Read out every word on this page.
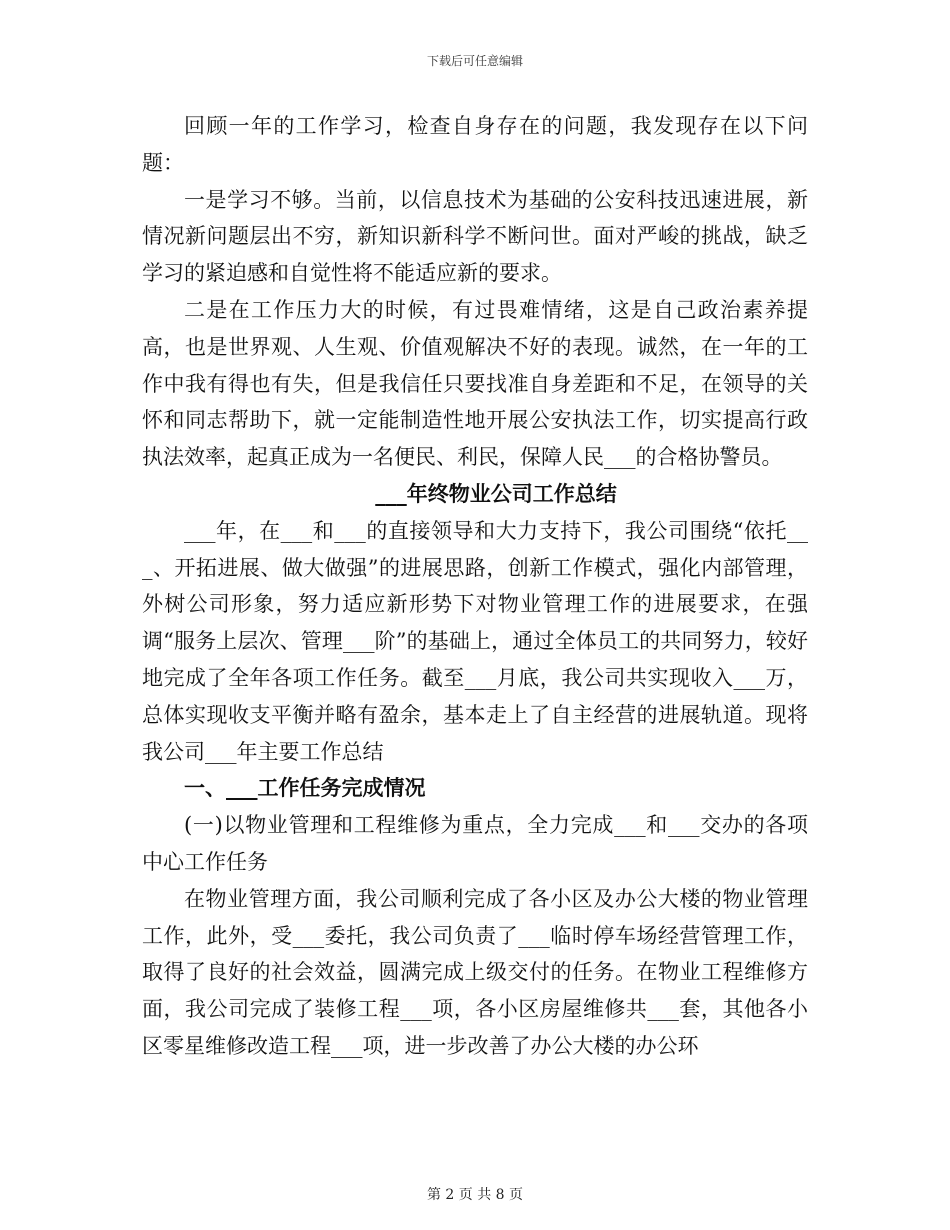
下载后可任意编辑

回顾一年的工作学习，检查自身存在的问题，我发现存在以下问题：

一是学习不够。当前，以信息技术为基础的公安科技迅速进展，新情况新问题层出不穷，新知识新科学不断问世。面对严峻的挑战，缺乏学习的紧迫感和自觉性将不能适应新的要求。

二是在工作压力大的时候，有过畏难情绪，这是自己政治素养提高，也是世界观、人生观、价值观解决不好的表现。诚然，在一年的工作中我有得也有失，但是我信任只要找准自身差距和不足，在领导的关怀和同志帮助下，就一定能制造性地开展公安执法工作，切实提高行政执法效率，起真正成为一名便民、利民，保障人民___的合格协警员。

___年终物业公司工作总结

___年，在___和___的直接领导和大力支持下，我公司围绕“依托___、开拓进展、做大做强”的进展思路，创新工作模式，强化内部管理，外树公司形象，努力适应新形势下对物业管理工作的进展要求，在强调“服务上层次、管理___阶”的基础上，通过全体员工的共同努力，较好地完成了全年各项工作任务。截至___月底，我公司共实现收入___万，总体实现收支平衡并略有盈余，基本走上了自主经营的进展轨道。现将我公司___年主要工作总结

一、___工作任务完成情况

(一)以物业管理和工程维修为重点，全力完成___和___交办的各项中心工作任务

在物业管理方面，我公司顺利完成了各小区及办公大楼的物业管理工作，此外，受___委托，我公司负责了___临时停车场经营管理工作，取得了良好的社会效益，圆满完成上级交付的任务。在物业工程维修方面，我公司完成了装修工程___项，各小区房屋维修共___套，其他各小区零星维修改造工程___项，进一步改善了办公大楼的办公环

第 2 页 共 8 页
